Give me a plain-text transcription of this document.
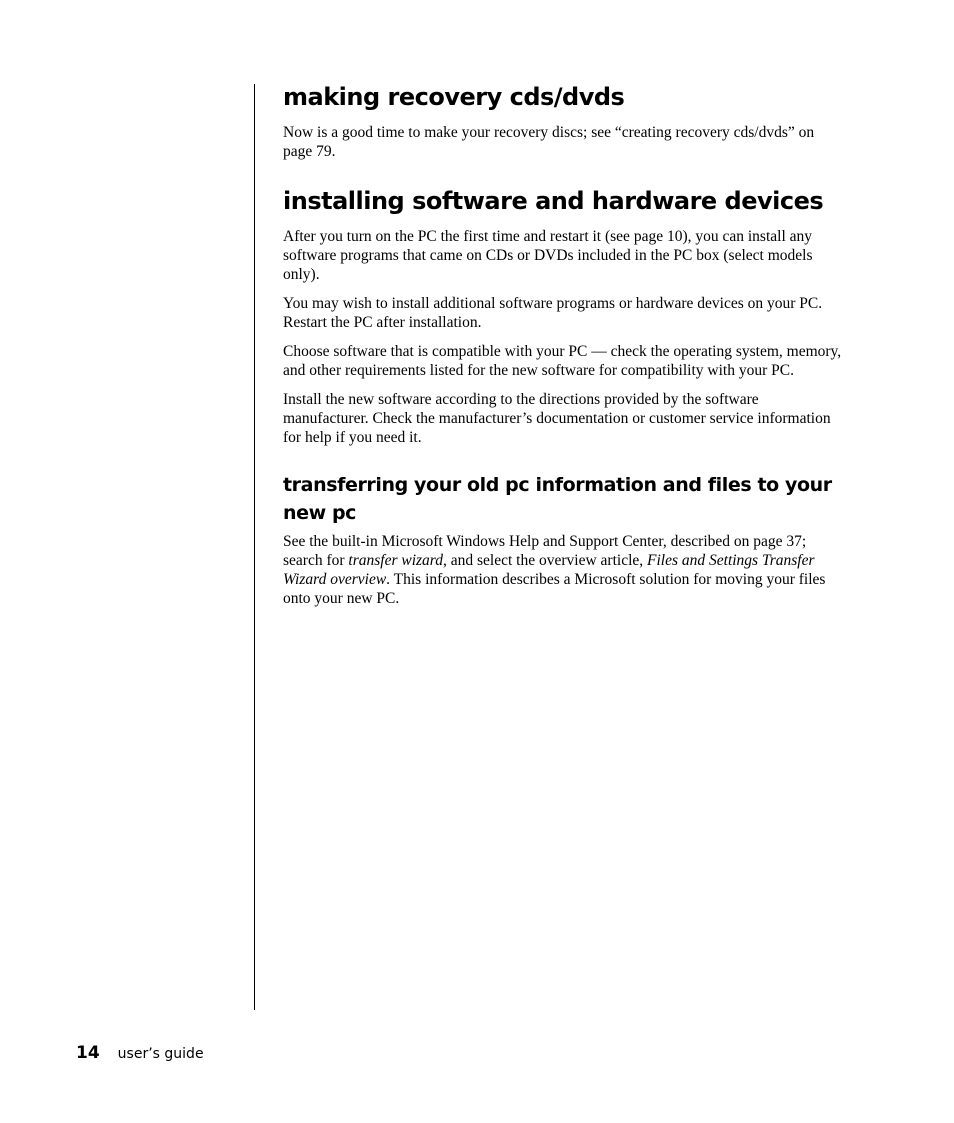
making recovery cds/dvds

Now is a good time to make your recovery discs; see “creating recovery cds/dvds” on page 79.

installing software and hardware devices

After you turn on the PC the first time and restart it (see page 10), you can install any software programs that came on CDs or DVDs included in the PC box (select models only).

You may wish to install additional software programs or hardware devices on your PC. Restart the PC after installation.

Choose software that is compatible with your PC — check the operating system, memory, and other requirements listed for the new software for compatibility with your PC.

Install the new software according to the directions provided by the software manufacturer. Check the manufacturer’s documentation or customer service information for help if you need it.

transferring your old pc information and files to your new pc

See the built-in Microsoft Windows Help and Support Center, described on page 37; search for transfer wizard, and select the overview article, Files and Settings Transfer Wizard overview. This information describes a Microsoft solution for moving your files onto your new PC.

14 user’s guide
